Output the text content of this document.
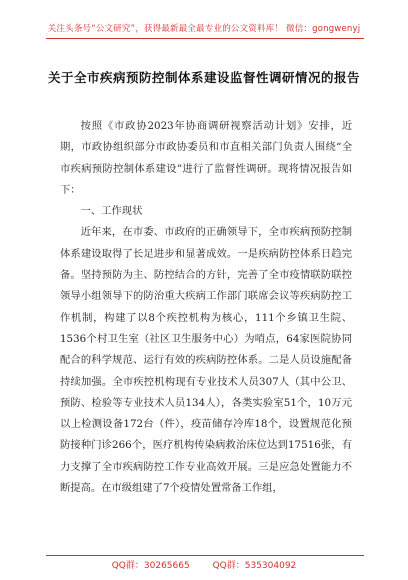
关注头条号“公文研究”，获得最新最全最专业的公文资料库！ 微信：gongwenyj
关于全市疾病预防控制体系建设监督性调研情况的报告

按照《市政协2023年协商调研视察活动计划》安排，近期，市政协组织部分市政协委员和市直相关部门负责人围绕“全市疾病预防控制体系建设”进行了监督性调研。现将情况报告如下：

一、工作现状

近年来，在市委、市政府的正确领导下，全市疾病预防控制体系建设取得了长足进步和显著成效。一是疾病防控体系日趋完备。坚持预防为主、防控结合的方针，完善了全市疫情联防联控领导小组领导下的防治重大疾病工作部门联席会议等疾病防控工作机制，构建了以8个疾控机构为核心，111个乡镇卫生院、1536个村卫生室（社区卫生服务中心）为哨点，64家医院协同配合的科学规范、运行有效的疾病防控体系。二是人员设施配备持续加强。全市疾控机构现有专业技术人员307人（其中公卫、预防、检验等专业技术人员134人），各类实验室51个，10万元以上检测设备172台（件），疫苗储存冷库18个，设置规范化预防接种门诊266个，医疗机构传染病救治床位达到17516张，有力支撑了全市疾病防控工作专业高效开展。三是应急处置能力不断提高。在市级组建了7个疫情处置常备工作组，

QQ群：30265665	QQ群：535304092
